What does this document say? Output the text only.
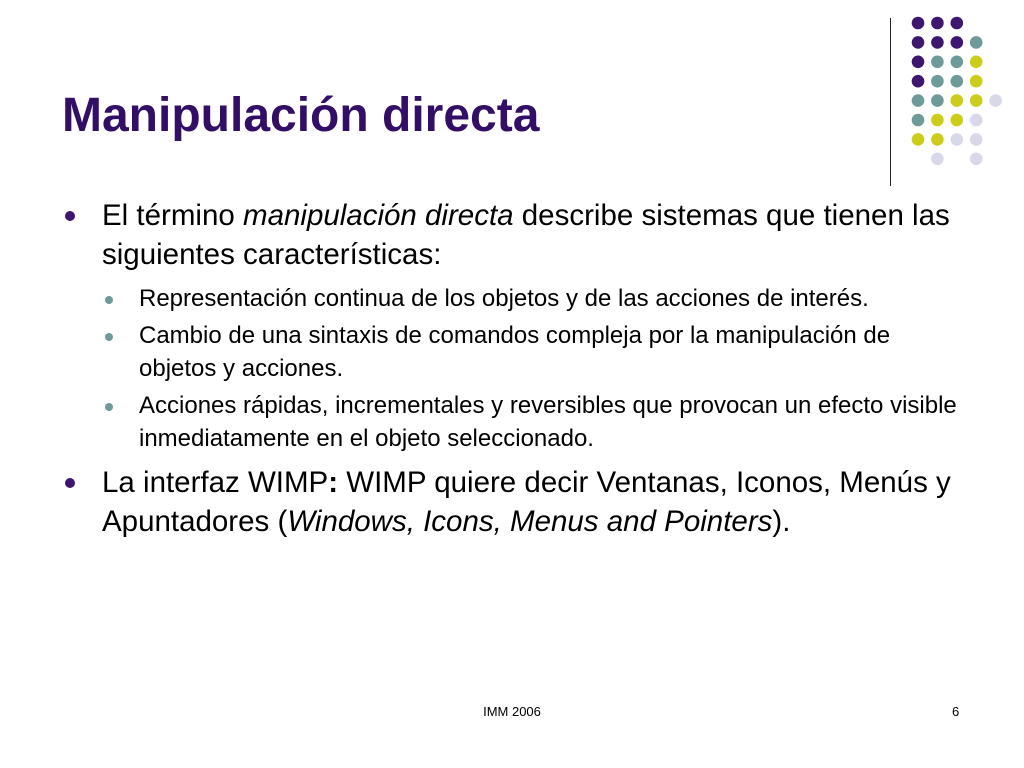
Manipulación directa
El término manipulación directa describe sistemas que tienen las siguientes características:
Representación continua de los objetos y de las acciones de interés.
Cambio de una sintaxis de comandos compleja por la manipulación de objetos y acciones.
Acciones rápidas, incrementales y reversibles que provocan un efecto visible inmediatamente en el objeto seleccionado.
La interfaz WIMP: WIMP quiere decir Ventanas, Iconos, Menús y Apuntadores (Windows, Icons, Menus and Pointers).
IMM 2006	6
